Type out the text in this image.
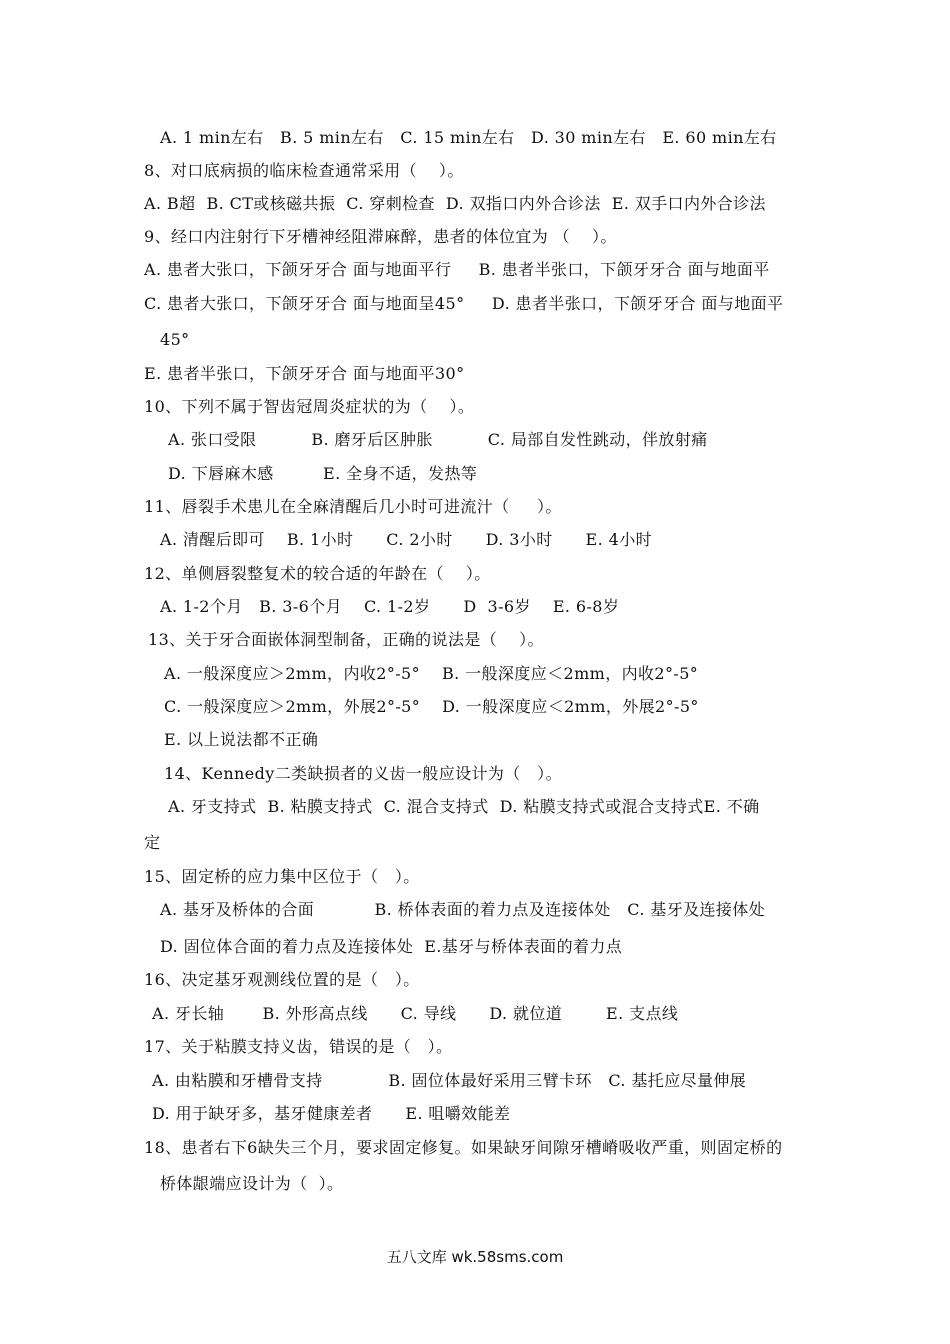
A. 1 min左右   B. 5 min左右   C. 15 min左右   D. 30 min左右   E. 60 min左右
8、对口底病损的临床检查通常采用（    ）。
A. B超  B. CT或核磁共振  C. 穿刺检查  D. 双指口内外合诊法  E. 双手口内外合诊法
9、经口内注射行下牙槽神经阻滞麻醉，患者的体位宜为 （    ）。
A. 患者大张口，下颌牙牙合 面与地面平行     B. 患者半张口，下颌牙牙合 面与地面平
C. 患者大张口，下颌牙牙合 面与地面呈45°     D. 患者半张口，下颌牙牙合 面与地面平
45°
E. 患者半张口，下颌牙牙合 面与地面平30°
10、下列不属于智齿冠周炎症状的为（    ）。
A. 张口受限          B. 磨牙后区肿胀          C. 局部自发性跳动，伴放射痛
D. 下唇麻木感         E. 全身不适，发热等
11、唇裂手术患儿在全麻清醒后几小时可进流汁（     ）。
A. 清醒后即可    B. 1小时      C. 2小时      D. 3小时      E. 4小时
12、单侧唇裂整复术的较合适的年龄在（    ）。
A. 1-2个月   B. 3-6个月    C. 1-2岁      D  3-6岁    E. 6-8岁
13、关于牙合面嵌体洞型制备，正确的说法是（    ）。
A. 一般深度应＞2mm，内收2°-5°    B. 一般深度应＜2mm，内收2°-5°
C. 一般深度应＞2mm，外展2°-5°    D. 一般深度应＜2mm，外展2°-5°
E. 以上说法都不正确
14、Kennedy二类缺损者的义齿一般应设计为（   ）。
A. 牙支持式  B. 粘膜支持式  C. 混合支持式  D. 粘膜支持式或混合支持式E. 不确
定
15、固定桥的应力集中区位于（   ）。
A. 基牙及桥体的合面           B. 桥体表面的着力点及连接体处   C. 基牙及连接体处
D. 固位体合面的着力点及连接体处  E.基牙与桥体表面的着力点
16、决定基牙观测线位置的是（   ）。
A. 牙长轴       B. 外形高点线      C. 导线      D. 就位道        E. 支点线
17、关于粘膜支持义齿，错误的是（   ）。
A. 由粘膜和牙槽骨支持            B. 固位体最好采用三臂卡环   C. 基托应尽量伸展
D. 用于缺牙多，基牙健康差者      E. 咀嚼效能差
18、患者右下6缺失三个月，要求固定修复。如果缺牙间隙牙槽嵴吸收严重，则固定桥的
桥体龈端应设计为（  ）。
五八文库 wk.58sms.com
